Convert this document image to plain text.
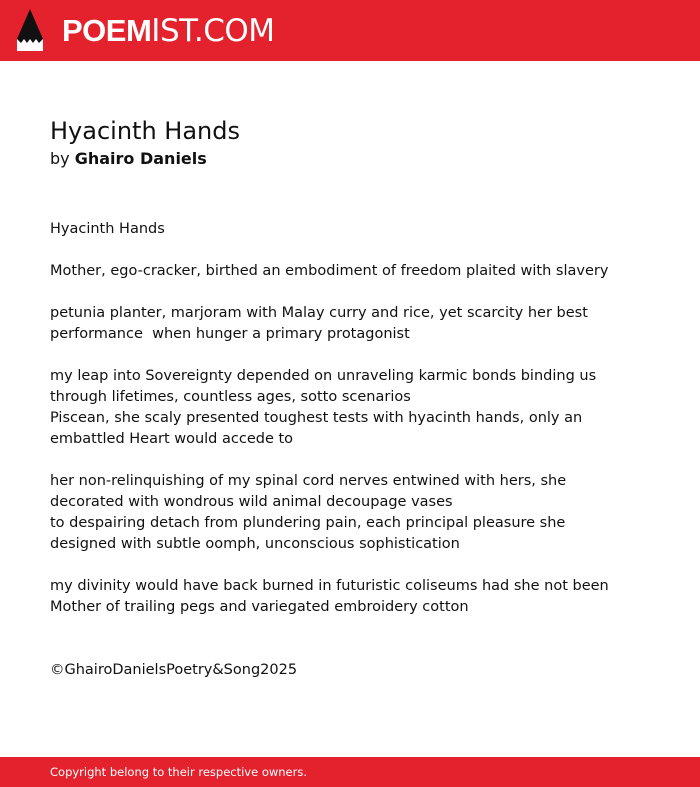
POEMIST.COM
Hyacinth Hands
by Ghairo Daniels

Hyacinth Hands

Mother, ego-cracker, birthed an embodiment of freedom plaited with slavery

petunia planter, marjoram with Malay curry and rice, yet scarcity her best
performance  when hunger a primary protagonist

my leap into Sovereignty depended on unraveling karmic bonds binding us
through lifetimes, countless ages, sotto scenarios
Piscean, she scaly presented toughest tests with hyacinth hands, only an
embattled Heart would accede to

her non-relinquishing of my spinal cord nerves entwined with hers, she
decorated with wondrous wild animal decoupage vases
to despairing detach from plundering pain, each principal pleasure she
designed with subtle oomph, unconscious sophistication

my divinity would have back burned in futuristic coliseums had she not been
Mother of trailing pegs and variegated embroidery cotton

©GhairoDanielsPoetry&Song2025
Copyright belong to their respective owners.
